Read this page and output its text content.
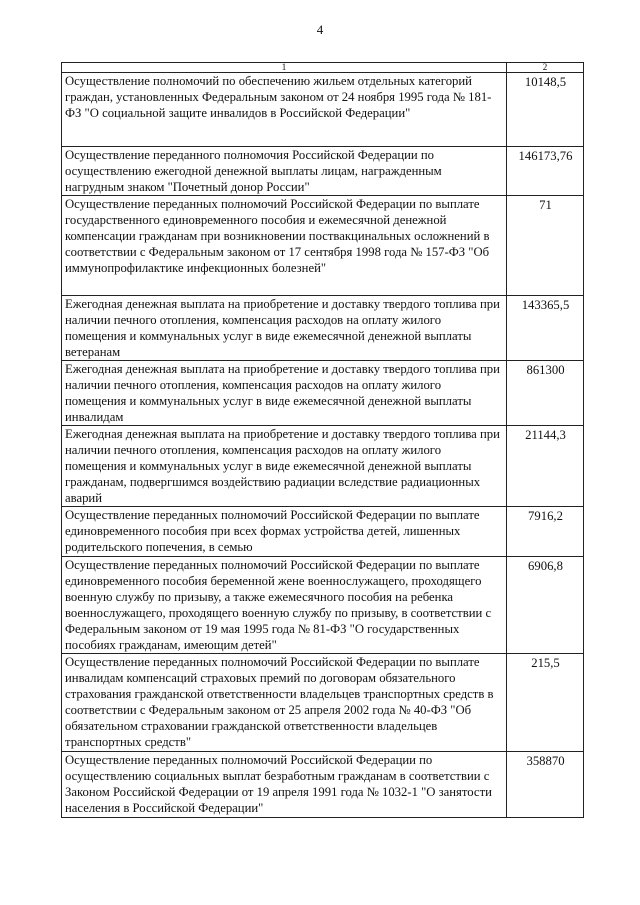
4
1	2
Осуществление полномочий по обеспечению жильем отдельных категорий граждан, установленных Федеральным законом от 24 ноября 1995 года № 181-ФЗ "О социальной защите инвалидов в Российской Федерации"	10148,5
Осуществление переданного полномочия Российской Федерации по осуществлению ежегодной денежной выплаты лицам, награжденным нагрудным знаком "Почетный донор России"	146173,76
Осуществление переданных полномочий Российской Федерации по выплате государственного единовременного пособия и ежемесячной денежной компенсации гражданам при возникновении поствакцинальных осложнений в соответствии с Федеральным законом от 17 сентября 1998 года № 157-ФЗ "Об иммунопрофилактике инфекционных болезней"	71
Ежегодная денежная выплата на приобретение и доставку твердого топлива при наличии печного отопления, компенсация расходов на оплату жилого помещения и коммунальных услуг в виде ежемесячной денежной выплаты ветеранам	143365,5
Ежегодная денежная выплата на приобретение и доставку твердого топлива при наличии печного отопления, компенсация расходов на оплату жилого помещения и коммунальных услуг в виде ежемесячной денежной выплаты инвалидам	861300
Ежегодная денежная выплата на приобретение и доставку твердого топлива при наличии печного отопления, компенсация расходов на оплату жилого помещения и коммунальных услуг в виде ежемесячной денежной выплаты гражданам, подвергшимся воздействию радиации вследствие радиационных аварий	21144,3
Осуществление переданных полномочий Российской Федерации по выплате единовременного пособия при всех формах устройства детей, лишенных родительского попечения, в семью	7916,2
Осуществление переданных полномочий Российской Федерации по выплате единовременного пособия беременной жене военнослужащего, проходящего военную службу по призыву, а также ежемесячного пособия на ребенка военнослужащего, проходящего военную службу по призыву, в соответствии с Федеральным законом от 19 мая 1995 года № 81-ФЗ "О государственных пособиях гражданам, имеющим детей"	6906,8
Осуществление переданных полномочий Российской Федерации по выплате инвалидам компенсаций страховых премий по договорам обязательного страхования гражданской ответственности владельцев транспортных средств в соответствии с Федеральным законом от 25 апреля 2002 года № 40-ФЗ "Об обязательном страховании гражданской ответственности владельцев транспортных средств"	215,5
Осуществление переданных полномочий Российской Федерации по осуществлению социальных выплат безработным гражданам в соответствии с Законом Российской Федерации от 19 апреля 1991 года № 1032-1 "О занятости населения в Российской Федерации"	358870
